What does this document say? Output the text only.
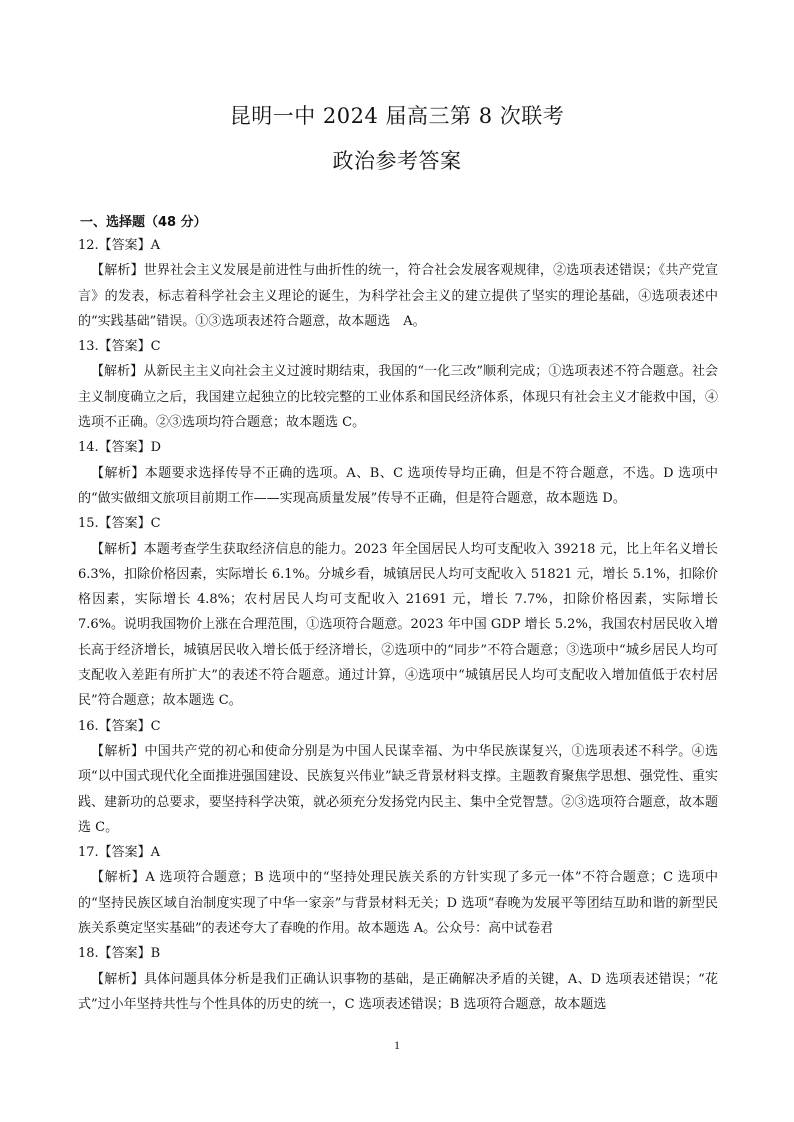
昆明一中 2024 届高三第 8 次联考
政治参考答案
一、选择题（48 分）
12.【答案】A
【解析】世界社会主义发展是前进性与曲折性的统一，符合社会发展客观规律，②选项表述错误；《共产党宣言》的发表，标志着科学社会主义理论的诞生，为科学社会主义的建立提供了坚实的理论基础，④选项表述中的“实践基础”错误。①③选项表述符合题意，故本题选　A。
13.【答案】C
【解析】从新民主主义向社会主义过渡时期结束，我国的“一化三改”顺利完成；①选项表述不符合题意。社会主义制度确立之后，我国建立起独立的比较完整的工业体系和国民经济体系，体现只有社会主义才能救中国，④选项不正确。②③选项均符合题意；故本题选 C。
14.【答案】D
【解析】本题要求选择传导不正确的选项。A、B、C 选项传导均正确，但是不符合题意，不选。D 选项中的“做实做细文旅项目前期工作——实现高质量发展”传导不正确，但是符合题意，故本题选 D。
15.【答案】C
【解析】本题考查学生获取经济信息的能力。2023 年全国居民人均可支配收入 39218 元，比上年名义增长 6.3%，扣除价格因素，实际增长 6.1%。分城乡看，城镇居民人均可支配收入 51821 元，增长 5.1%，扣除价格因素，实际增长 4.8%；农村居民人均可支配收入 21691 元，增长 7.7%，扣除价格因素，实际增长 7.6%。说明我国物价上涨在合理范围，①选项符合题意。2023 年中国 GDP 增长 5.2%，我国农村居民收入增长高于经济增长，城镇居民收入增长低于经济增长，②选项中的“同步”不符合题意；③选项中“城乡居民人均可支配收入差距有所扩大”的表述不符合题意。通过计算，④选项中“城镇居民人均可支配收入增加值低于农村居民”符合题意；故本题选 C。
16.【答案】C
【解析】中国共产党的初心和使命分别是为中国人民谋幸福、为中华民族谋复兴，①选项表述不科学。④选项“以中国式现代化全面推进强国建设、民族复兴伟业”缺乏背景材料支撑。主题教育聚焦学思想、强党性、重实践、建新功的总要求，要坚持科学决策，就必须充分发扬党内民主、集中全党智慧。②③选项符合题意，故本题选 C。
17.【答案】A
【解析】A 选项符合题意；B 选项中的“坚持处理民族关系的方针实现了多元一体”不符合题意；C 选项中的“坚持民族区域自治制度实现了中华一家亲”与背景材料无关；D 选项“春晚为发展平等团结互助和谐的新型民族关系奠定坚实基础”的表述夸大了春晚的作用。故本题选 A。公众号：高中试卷君
18.【答案】B
【解析】具体问题具体分析是我们正确认识事物的基础，是正确解决矛盾的关键，A、D 选项表述错误；“花式”过小年坚持共性与个性具体的历史的统一，C 选项表述错误；B 选项符合题意，故本题选
1
